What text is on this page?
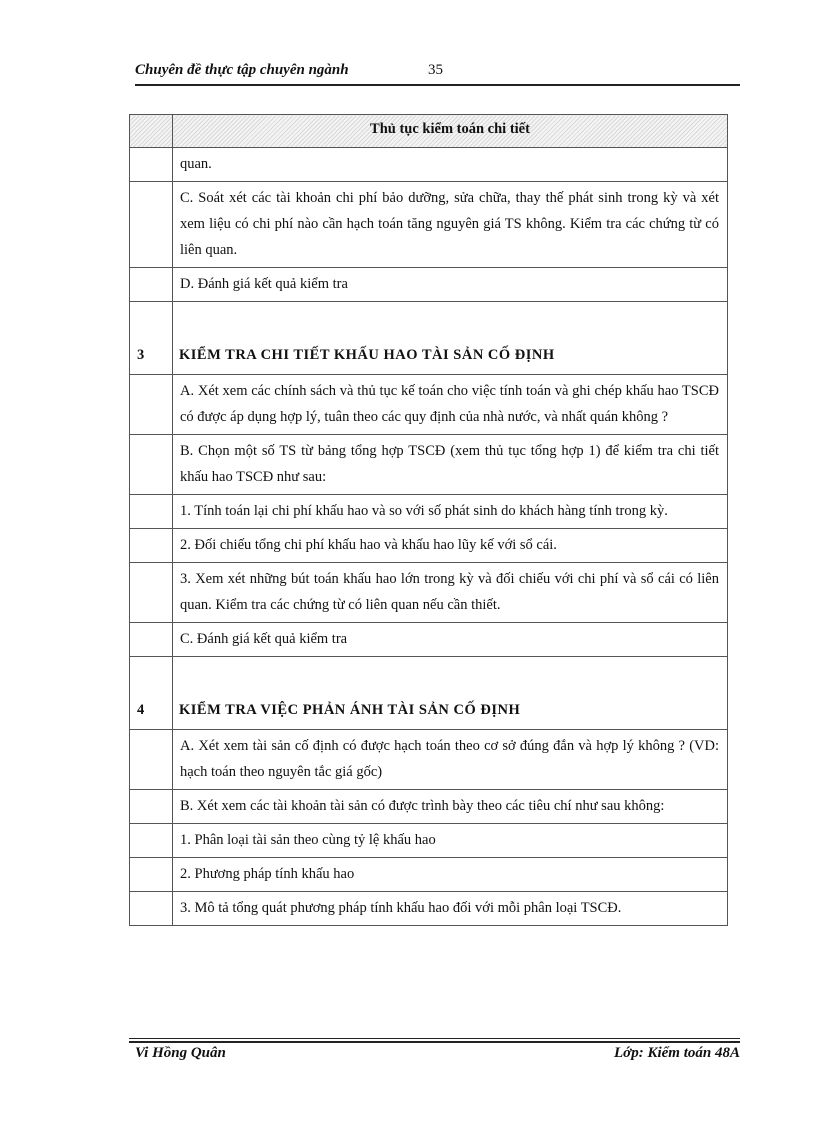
Chuyên đề thực tập chuyên ngành	35
	Thủ tục kiểm toán chi tiết
	quan.
	C. Soát xét các tài khoản chi phí bảo dưỡng, sửa chữa, thay thế phát sinh trong kỳ và xét xem liệu có chi phí nào cần hạch toán tăng nguyên giá TS không. Kiểm tra các chứng từ có liên quan.
	D. Đánh giá kết quả kiểm tra
3	KIỂM TRA CHI TIẾT KHẤU HAO TÀI SẢN CỐ ĐỊNH
	A. Xét xem các chính sách và thủ tục kế toán cho việc tính toán và ghi chép khấu hao TSCĐ có được áp dụng hợp lý, tuân theo các quy định của nhà nước, và nhất quán không ?
	B. Chọn một số TS từ bảng tổng hợp TSCĐ (xem thủ tục tổng hợp 1) để kiểm tra chi tiết khấu hao TSCĐ như sau:
	1. Tính toán lại chi phí khấu hao và so với số phát sinh do khách hàng tính trong kỳ.
	2. Đối chiếu tổng chi phí khấu hao và khấu hao lũy kế với sổ cái.
	3. Xem xét những bút toán khấu hao lớn trong kỳ và đối chiếu với chi phí và sổ cái có liên quan. Kiểm tra các chứng từ có liên quan nếu cần thiết.
	C. Đánh giá kết quả kiểm tra
4	KIỂM TRA VIỆC PHẢN ÁNH TÀI SẢN CỐ ĐỊNH
	A. Xét xem tài sản cố định có được hạch toán theo cơ sở đúng đắn và hợp lý không ? (VD: hạch toán theo nguyên tắc giá gốc)
	B. Xét xem các tài khoản tài sản có được trình bày theo các tiêu chí như sau không:
	1. Phân loại tài sản theo cùng tỷ lệ khấu hao
	2. Phương pháp tính khấu hao
	3. Mô tả tổng quát phương pháp tính khấu hao đối với mỗi phân loại TSCĐ.
Vi Hồng Quân	Lớp: Kiểm toán 48A
